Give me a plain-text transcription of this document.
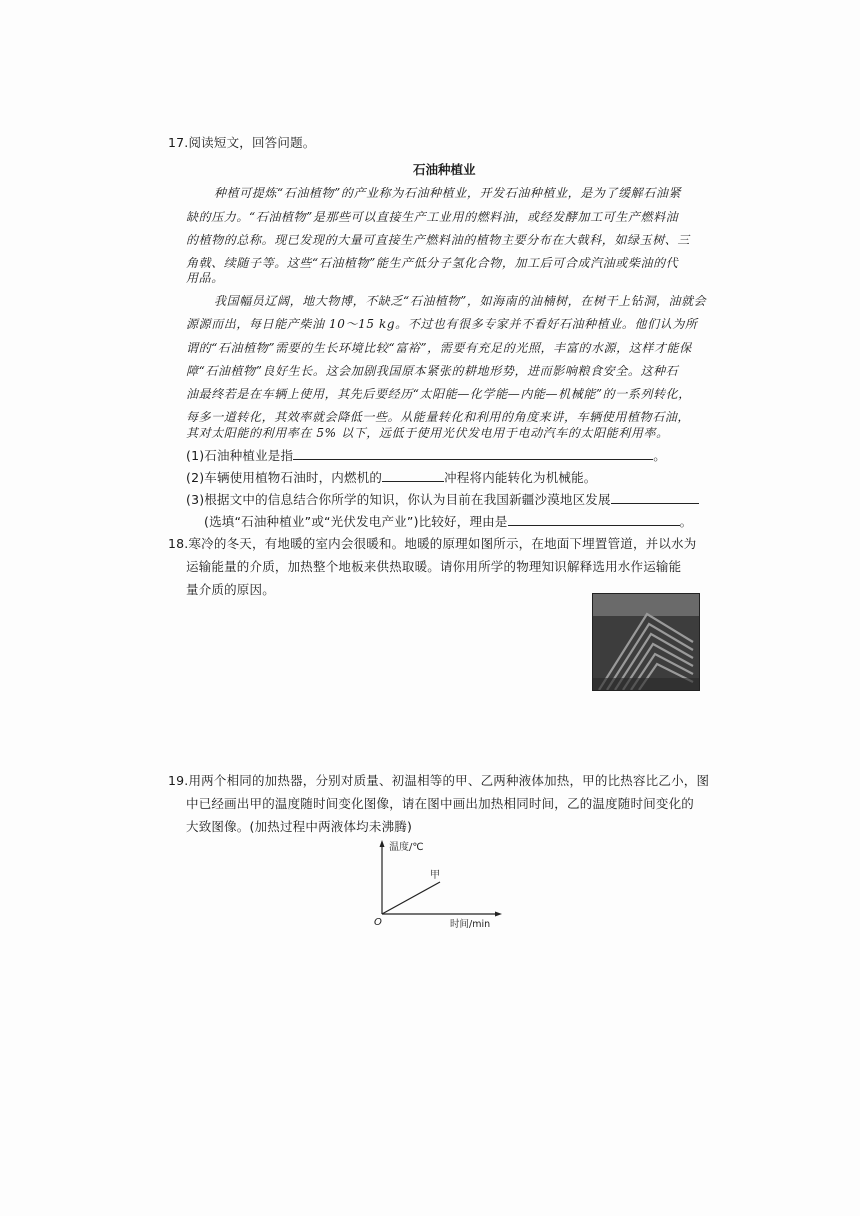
17.阅读短文，回答问题。
石油种植业
种植可提炼“石油植物”的产业称为石油种植业，开发石油种植业，是为了缓解石油紧
缺的压力。“石油植物”是那些可以直接生产工业用的燃料油，或经发酵加工可生产燃料油
的植物的总称。现已发现的大量可直接生产燃料油的植物主要分布在大戟科，如绿玉树、三
角戟、续随子等。这些“石油植物”能生产低分子氢化合物，加工后可合成汽油或柴油的代
用品。
我国幅员辽阔，地大物博，不缺乏“石油植物”，如海南的油楠树，在树干上钻洞，油就会
源源而出，每日能产柴油 10～15 kg。不过也有很多专家并不看好石油种植业。他们认为所
谓的“石油植物”需要的生长环境比较“富裕”，需要有充足的光照，丰富的水源，这样才能保
障“石油植物”良好生长。这会加剧我国原本紧张的耕地形势，进而影响粮食安全。这种石
油最终若是在车辆上使用，其先后要经历“太阳能—化学能—内能—机械能”的一系列转化，
每多一道转化，其效率就会降低一些。从能量转化和利用的角度来讲，车辆使用植物石油，
其对太阳能的利用率在 5% 以下，远低于使用光伏发电用于电动汽车的太阳能利用率。
(1)石油种植业是指	。
(2)车辆使用植物石油时，内燃机的	冲程将内能转化为机械能。
(3)根据文中的信息结合你所学的知识，你认为目前在我国新疆沙漠地区发展
(选填“石油种植业”或“光伏发电产业”)比较好，理由是	。
18.寒冷的冬天，有地暖的室内会很暖和。地暖的原理如图所示，在地面下埋置管道，并以水为
运输能量的介质，加热整个地板来供热取暖。请你用所学的物理知识解释选用水作运输能
量介质的原因。
19.用两个相同的加热器，分别对质量、初温相等的甲、乙两种液体加热，甲的比热容比乙小，图
中已经画出甲的温度随时间变化图像，请在图中画出加热相同时间，乙的温度随时间变化的
大致图像。(加热过程中两液体均未沸腾)
温度/℃
甲
O	时间/min
